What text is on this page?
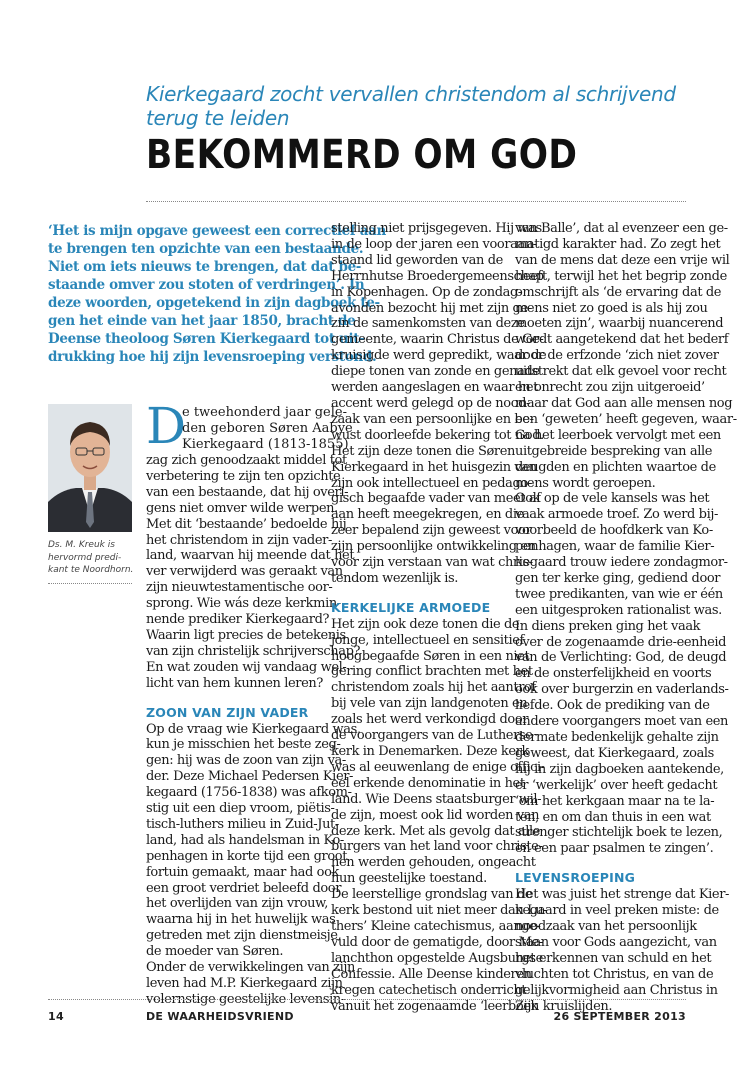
Kierkegaard zocht vervallen christendom al schrijvend terug te leiden
BEKOMMERD OM GOD
‘Het is mijn opgave geweest een correctief aan
te brengen ten opzichte van een bestaande.
Niet om iets nieuws te brengen, dat dat be-
staande omver zou stoten of verdringen’. In
deze woorden, opgetekend in zijn dagboek te-
gen het einde van het jaar 1850, bracht de
Deense theoloog Søren Kierkegaard tot uit-
drukking hoe hij zijn levensroeping verstond.
Ds. M. Kreuk is
hervormd predi-
kant te Noordhorn.
D
e tweehonderd jaar gele-
den geboren Søren Aabye
Kierkegaard (1813-1855)
zag zich genoodzaakt middel tot
verbetering te zijn ten opzichte
van een bestaande, dat hij overi-
gens niet omver wilde werpen.
Met dit ‘bestaande’ bedoelde hij
het christendom in zijn vader-
land, waarvan hij meende dat het
ver verwijderd was geraakt van
zijn nieuwtestamentische oor-
sprong. Wie wás deze kerkmin-
nende prediker Kierkegaard?
Waarin ligt precies de betekenis
van zijn christelijk schrijverschap?
En wat zouden wij vandaag wel-
licht van hem kunnen leren?
ZOON VAN ZIJN VADER
Op de vraag wie Kierkegaard was,
kun je misschien het beste zeg-
gen: hij was de zoon van zijn va-
der. Deze Michael Pedersen Kier-
kegaard (1756-1838) was afkom-
stig uit een diep vroom, piëtis-
tisch-luthers milieu in Zuid-Jut-
land, had als handelsman in Ko-
penhagen in korte tijd een groot
fortuin gemaakt, maar had ook
een groot verdriet beleefd door
het overlijden van zijn vrouw,
waarna hij in het huwelijk was
getreden met zijn dienstmeisje,
de moeder van Søren.
Onder de verwikkelingen van zijn
leven had M.P. Kierkegaard zijn
volernstige geestelijke levensin-
stelling niet prijsgegeven. Hij was
in de loop der jaren een vooraan-
staand lid geworden van de
Herrnhutse Broedergemeenschap
in Kopenhagen. Op de zondag-
avonden bezocht hij met zijn ge-
zin de samenkomsten van deze
gemeente, waarin Christus de Ge-
kruisigde werd gepredikt, waar de
diepe tonen van zonde en genade
werden aangeslagen en waar het
accent werd gelegd op de nood-
zaak van een persoonlijke en be-
wust doorleefde bekering tot God.
Het zijn deze tonen die Søren
Kierkegaard in het huisgezin van
zijn ook intellectueel en pedago-
gisch begaafde vader van meet af
aan heeft meegekregen, en die
zeer bepalend zijn geweest voor
zijn persoonlijke ontwikkeling en
voor zijn verstaan van wat chris-
tendom wezenlijk is.
KERKELIJKE ARMOEDE
Het zijn ook deze tonen die de
jonge, intellectueel en sensitief
hoogbegaafde Søren in een niet
gering conflict brachten met het
christendom zoals hij het aantrof
bij vele van zijn landgenoten en
zoals het werd verkondigd door
de voorgangers van de Lutherse
kerk in Denemarken. Deze kerk
was al eeuwenlang de enige offici-
eel erkende denominatie in het
land. Wie Deens staatsburger wil-
de zijn, moest ook lid worden van
deze kerk. Met als gevolg dat alle
burgers van het land voor christe-
nen werden gehouden, ongeacht
hun geestelijke toestand.
De leerstellige grondslag van de
kerk bestond uit niet meer dan Lu-
thers’ Kleine catechismus, aange-
vuld door de gematigde, door Me-
lanchthon opgestelde Augsburgse
Confessie. Alle Deense kinderen
kregen catechetisch onderricht
vanuit het zogenaamde ‘leerboek
van Balle’, dat al evenzeer een ge-
matigd karakter had. Zo zegt het
van de mens dat deze een vrije wil
heeft, terwijl het het begrip zonde
omschrijft als ‘de ervaring dat de
mens niet zo goed is als hij zou
moeten zijn’, waarbij nuancerend
wordt aangetekend dat het bederf
door de erfzonde ‘zich niet zover
uitstrekt dat elk gevoel voor recht
en onrecht zou zijn uitgeroeid’
maar dat God aan alle mensen nog
een ‘geweten’ heeft gegeven, waar-
na het leerboek vervolgt met een
uitgebreide bespreking van alle
deugden en plichten waartoe de
mens wordt geroepen.
Ook op de vele kansels was het
vaak armoede troef. Zo werd bij-
voorbeeld de hoofdkerk van Ko-
penhagen, waar de familie Kier-
kegaard trouw iedere zondagmor-
gen ter kerke ging, gediend door
twee predikanten, van wie er één
een uitgesproken rationalist was.
In diens preken ging het vaak
over de zogenaamde drie-eenheid
van de Verlichting: God, de deugd
en de onsterfelijkheid en voorts
ook over burgerzin en vaderlands-
liefde. Ook de prediking van de
andere voorgangers moet van een
dermate bedenkelijk gehalte zijn
geweest, dat Kierkegaard, zoals
hij in zijn dagboeken aantekende,
er ‘werkelijk’ over heeft gedacht
‘om het kerkgaan maar na te la-
ten, en om dan thuis in een wat
strenger stichtelijk boek te lezen,
en een paar psalmen te zingen’.
LEVENSROEPING
Het was juist het strenge dat Kier-
kegaard in veel preken miste: de
noodzaak van het persoonlijk
staan voor Gods aangezicht, van
het erkennen van schuld en het
vluchten tot Christus, en van de
gelijkvormigheid aan Christus in
Zijn kruislijden.
14	DE WAARHEIDSVRIEND	26 SEPTEMBER 2013
